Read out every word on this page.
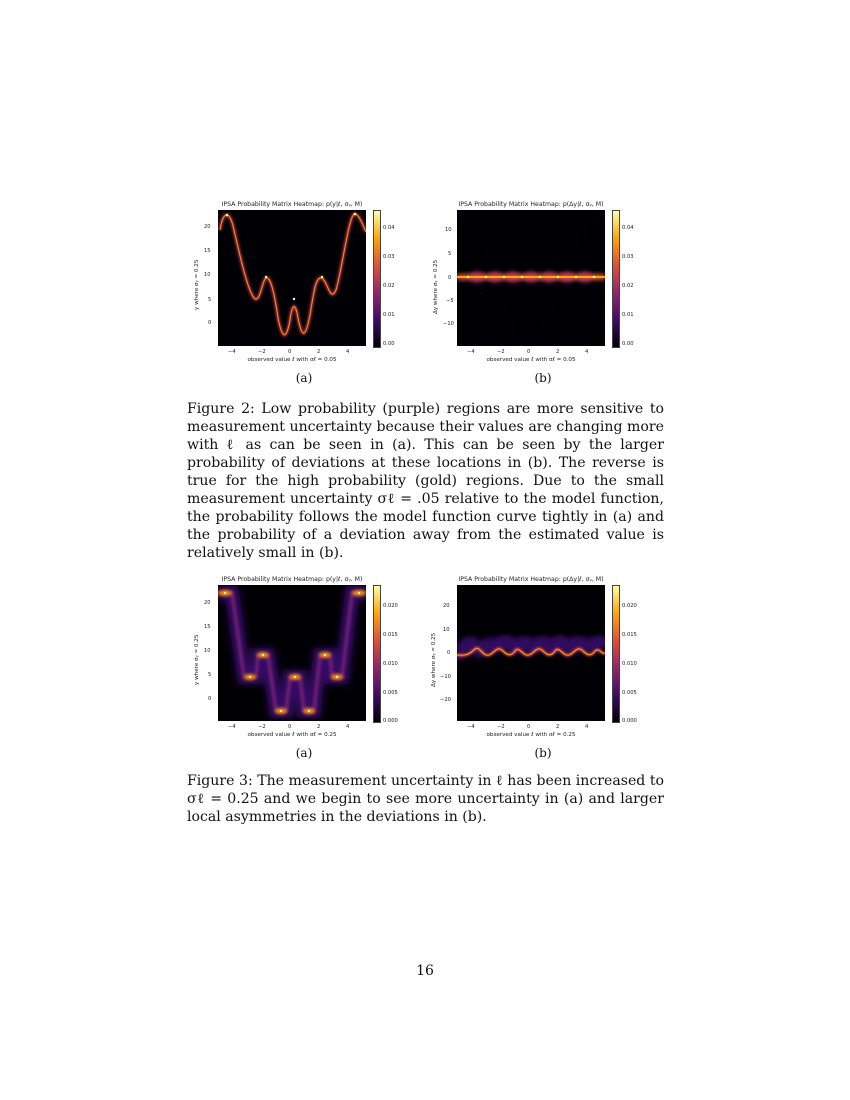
IPSA Probability Matrix Heatmap: p(y|ℓ, σᵧ, M)
20
15
10
5
0
−4	−2	0	2	4
observed value ℓ with σℓ = 0.05
y where σᵧ = 0.25
0.04
0.03
0.02
0.01
0.00
(a)
IPSA Probability Matrix Heatmap: p(Δy|ℓ, σᵧ, M)
10
5
0
−5
−10
−4	−2	0	2	4
observed value ℓ with σℓ = 0.05
Δy where σᵧ = 0.25
0.04
0.03
0.02
0.01
0.00
(b)
Figure 2: Low probability (purple) regions are more sensitive to measurement uncertainty because their values are changing more with ℓ as can be seen in (a). This can be seen by the larger probability of deviations at these locations in (b). The reverse is true for the high probability (gold) regions. Due to the small measurement uncertainty σℓ = .05 relative to the model function, the probability follows the model function curve tightly in (a) and the probability of a deviation away from the estimated value is relatively small in (b).
IPSA Probability Matrix Heatmap: p(y|ℓ, σᵧ, M)
20
15
10
5
0
−4	−2	0	2	4
observed value ℓ with σℓ = 0.25
y where σᵧ = 0.25
0.020
0.015
0.010
0.005
0.000
(a)
IPSA Probability Matrix Heatmap: p(Δy|ℓ, σᵧ, M)
20
10
0
−10
−20
−4	−2	0	2	4
observed value ℓ with σℓ = 0.25
Δy where σᵧ = 0.25
0.020
0.015
0.010
0.005
0.000
(b)
Figure 3: The measurement uncertainty in ℓ has been increased to σℓ = 0.25 and we begin to see more uncertainty in (a) and larger local asymmetries in the deviations in (b).
16
